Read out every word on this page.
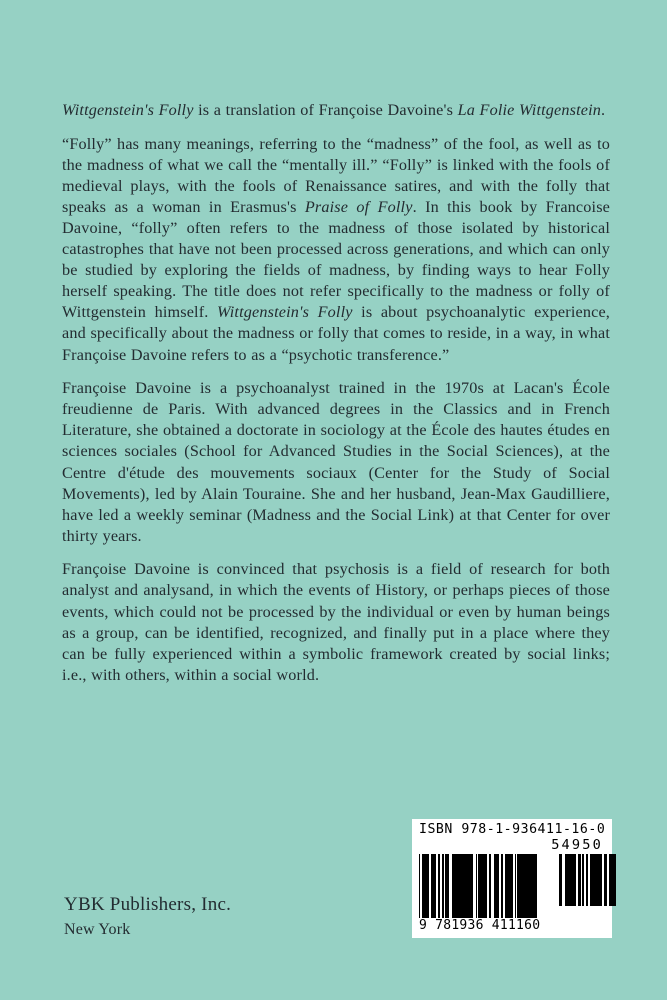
Wittgenstein's Folly is a translation of Françoise Davoine's La Folie Wittgenstein.

“Folly” has many meanings, referring to the “madness” of the fool, as well as to the madness of what we call the “mentally ill.” “Folly” is linked with the fools of medieval plays, with the fools of Renaissance satires, and with the folly that speaks as a woman in Erasmus's Praise of Folly. In this book by Francoise Davoine, “folly” often refers to the madness of those isolated by historical catastrophes that have not been processed across generations, and which can only be studied by exploring the fields of madness, by finding ways to hear Folly herself speaking. The title does not refer specifically to the madness or folly of Wittgenstein himself. Wittgenstein's Folly is about psychoanalytic experience, and specifically about the madness or folly that comes to reside, in a way, in what Françoise Davoine refers to as a “psychotic transference.”

Françoise Davoine is a psychoanalyst trained in the 1970s at Lacan's École freudienne de Paris. With advanced degrees in the Classics and in French Literature, she obtained a doctorate in sociology at the École des hautes études en sciences sociales (School for Advanced Studies in the Social Sciences), at the Centre d'étude des mouvements sociaux (Center for the Study of Social Movements), led by Alain Touraine. She and her husband, Jean-Max Gaudilliere, have led a weekly seminar (Madness and the Social Link) at that Center for over thirty years.

Françoise Davoine is convinced that psychosis is a field of research for both analyst and analysand, in which the events of History, or perhaps pieces of those events, which could not be processed by the individual or even by human beings as a group, can be identified, recognized, and finally put in a place where they can be fully experienced within a symbolic framework created by social links; i.e., with others, within a social world.

YBK Publishers, Inc.
New York
ISBN 978-1-936411-16-0
54950
9 781936 411160
